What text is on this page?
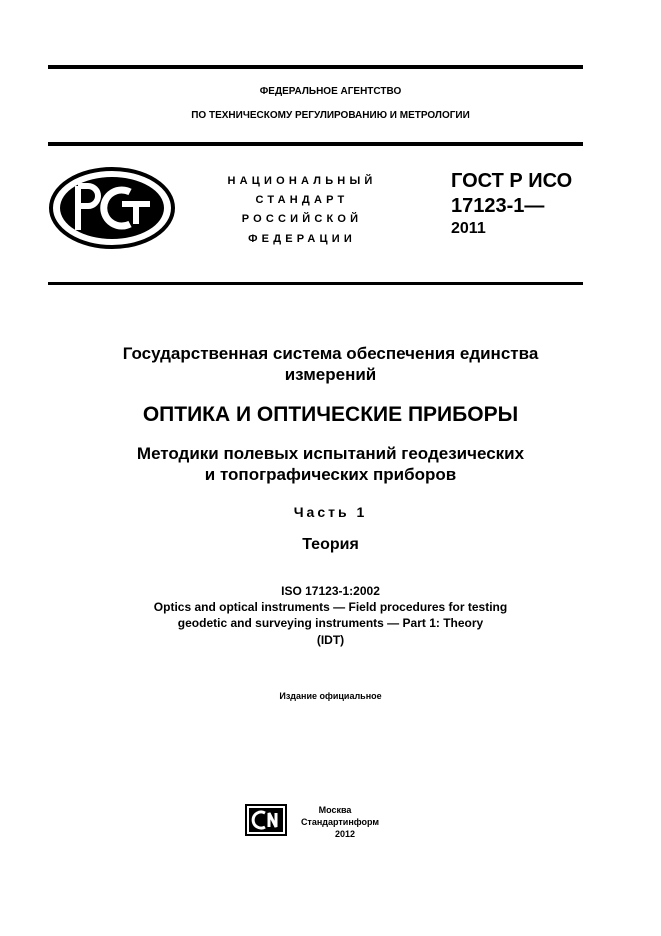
ФЕДЕРАЛЬНОЕ АГЕНТСТВО
ПО ТЕХНИЧЕСКОМУ РЕГУЛИРОВАНИЮ И МЕТРОЛОГИИ
НАЦИОНАЛЬНЫЙ
СТАНДАРТ
РОССИЙСКОЙ
ФЕДЕРАЦИИ
ГОСТ Р ИСО
17123-1—
2011
Государственная система обеспечения единства
измерений
ОПТИКА И ОПТИЧЕСКИЕ ПРИБОРЫ
Методики полевых испытаний геодезических
и топографических приборов
Часть 1
Теория
ISO 17123-1:2002
Optics and optical instruments — Field procedures for testing
geodetic and surveying instruments — Part 1: Theory
(IDT)
Издание официальное
Москва
Стандартинформ
2012
